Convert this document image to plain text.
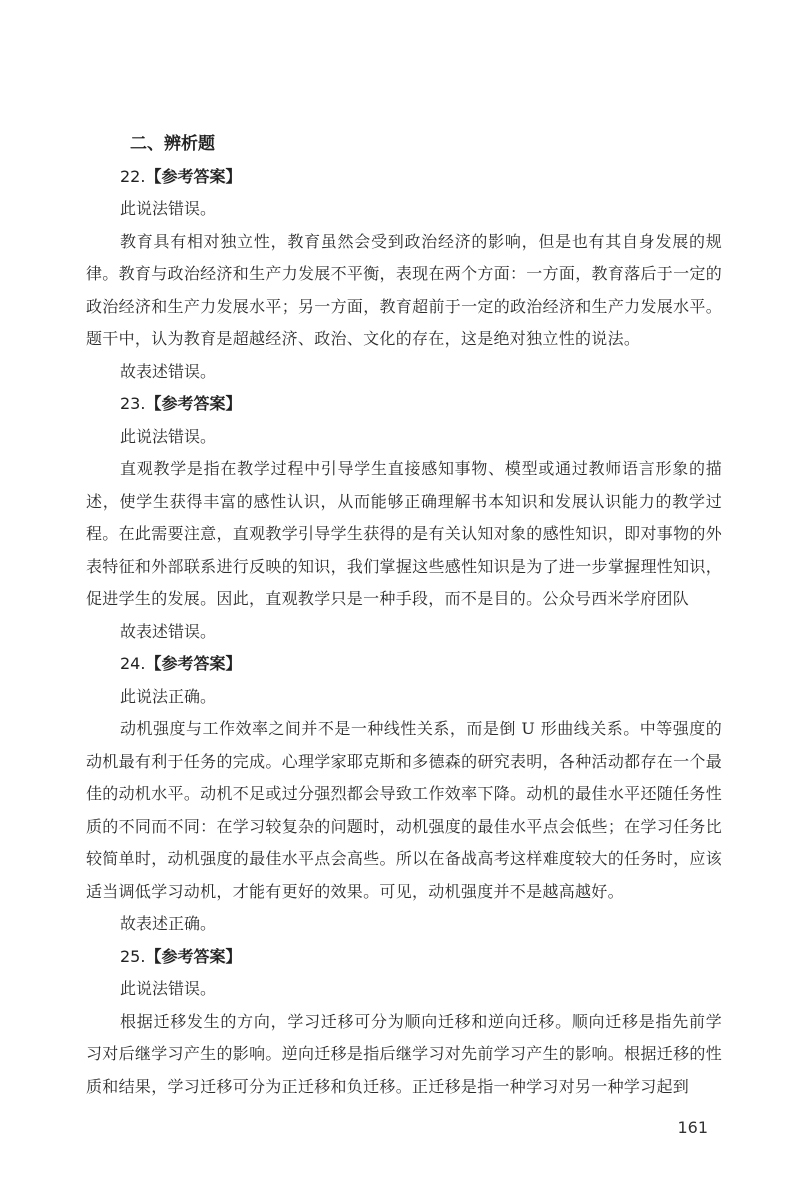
二、辨析题

22.【参考答案】

此说法错误。

教育具有相对独立性，教育虽然会受到政治经济的影响，但是也有其自身发展的规律。教育与政治经济和生产力发展不平衡，表现在两个方面：一方面，教育落后于一定的政治经济和生产力发展水平；另一方面，教育超前于一定的政治经济和生产力发展水平。题干中，认为教育是超越经济、政治、文化的存在，这是绝对独立性的说法。

故表述错误。

23.【参考答案】

此说法错误。

直观教学是指在教学过程中引导学生直接感知事物、模型或通过教师语言形象的描述，使学生获得丰富的感性认识，从而能够正确理解书本知识和发展认识能力的教学过程。在此需要注意，直观教学引导学生获得的是有关认知对象的感性知识，即对事物的外表特征和外部联系进行反映的知识，我们掌握这些感性知识是为了进一步掌握理性知识，促进学生的发展。因此，直观教学只是一种手段，而不是目的。公众号西米学府团队

故表述错误。

24.【参考答案】

此说法正确。

动机强度与工作效率之间并不是一种线性关系，而是倒 U 形曲线关系。中等强度的动机最有利于任务的完成。心理学家耶克斯和多德森的研究表明，各种活动都存在一个最佳的动机水平。动机不足或过分强烈都会导致工作效率下降。动机的最佳水平还随任务性质的不同而不同：在学习较复杂的问题时，动机强度的最佳水平点会低些；在学习任务比较简单时，动机强度的最佳水平点会高些。所以在备战高考这样难度较大的任务时，应该适当调低学习动机，才能有更好的效果。可见，动机强度并不是越高越好。

故表述正确。

25.【参考答案】

此说法错误。

根据迁移发生的方向，学习迁移可分为顺向迁移和逆向迁移。顺向迁移是指先前学习对后继学习产生的影响。逆向迁移是指后继学习对先前学习产生的影响。根据迁移的性质和结果，学习迁移可分为正迁移和负迁移。正迁移是指一种学习对另一种学习起到

161
